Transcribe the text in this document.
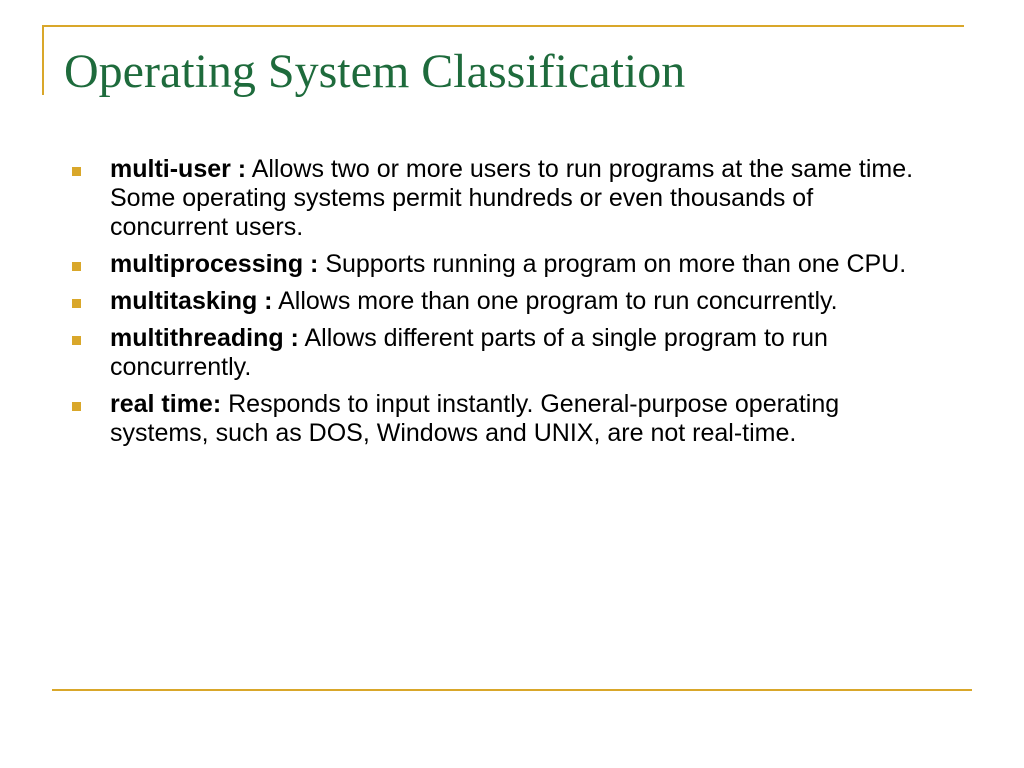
Operating System Classification
multi-user : Allows two or more users to run programs at the same time. Some operating systems permit hundreds or even thousands of concurrent users.
multiprocessing : Supports running a program on more than one CPU.
multitasking : Allows more than one program to run concurrently.
multithreading : Allows different parts of a single program to run concurrently.
real time: Responds to input instantly. General-purpose operating systems, such as DOS, Windows and UNIX, are not real-time.
